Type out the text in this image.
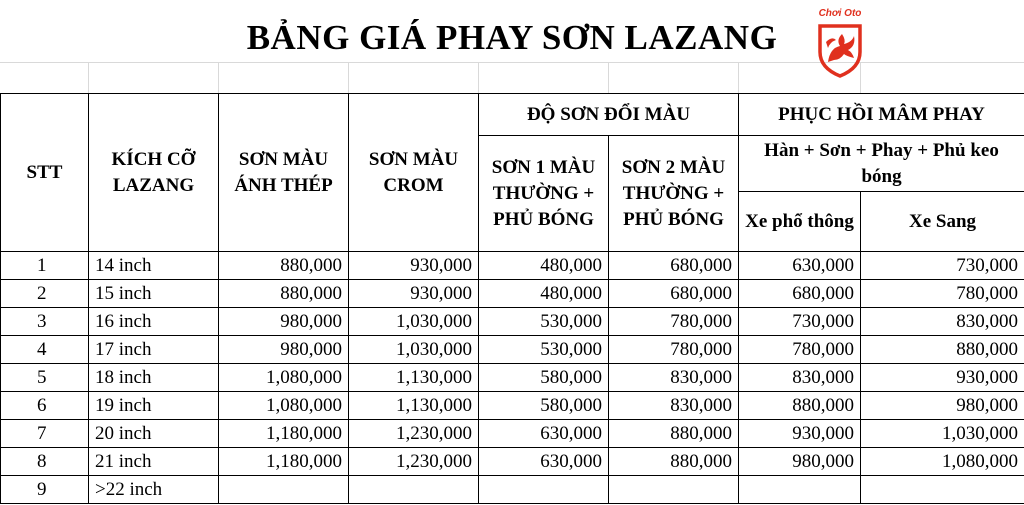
BẢNG GIÁ PHAY SƠN LAZANG
Chơi Oto
STT	KÍCH CỠ LAZANG	SƠN MÀU ÁNH THÉP	SƠN MÀU CROM	ĐỘ SƠN ĐỔI MÀU		PHỤC HỒI MÂM PHAY	
				SƠN 1 MÀU THƯỜNG + PHỦ BÓNG	SƠN 2 MÀU THƯỜNG + PHỦ BÓNG	Hàn + Sơn + Phay + Phủ keo bóng	
						Xe phổ thông	Xe Sang
1	14 inch	880,000	930,000	480,000	680,000	630,000	730,000
2	15 inch	880,000	930,000	480,000	680,000	680,000	780,000
3	16 inch	980,000	1,030,000	530,000	780,000	730,000	830,000
4	17 inch	980,000	1,030,000	530,000	780,000	780,000	880,000
5	18 inch	1,080,000	1,130,000	580,000	830,000	830,000	930,000
6	19 inch	1,080,000	1,130,000	580,000	830,000	880,000	980,000
7	20 inch	1,180,000	1,230,000	630,000	880,000	930,000	1,030,000
8	21 inch	1,180,000	1,230,000	630,000	880,000	980,000	1,080,000
9	>22 inch						
